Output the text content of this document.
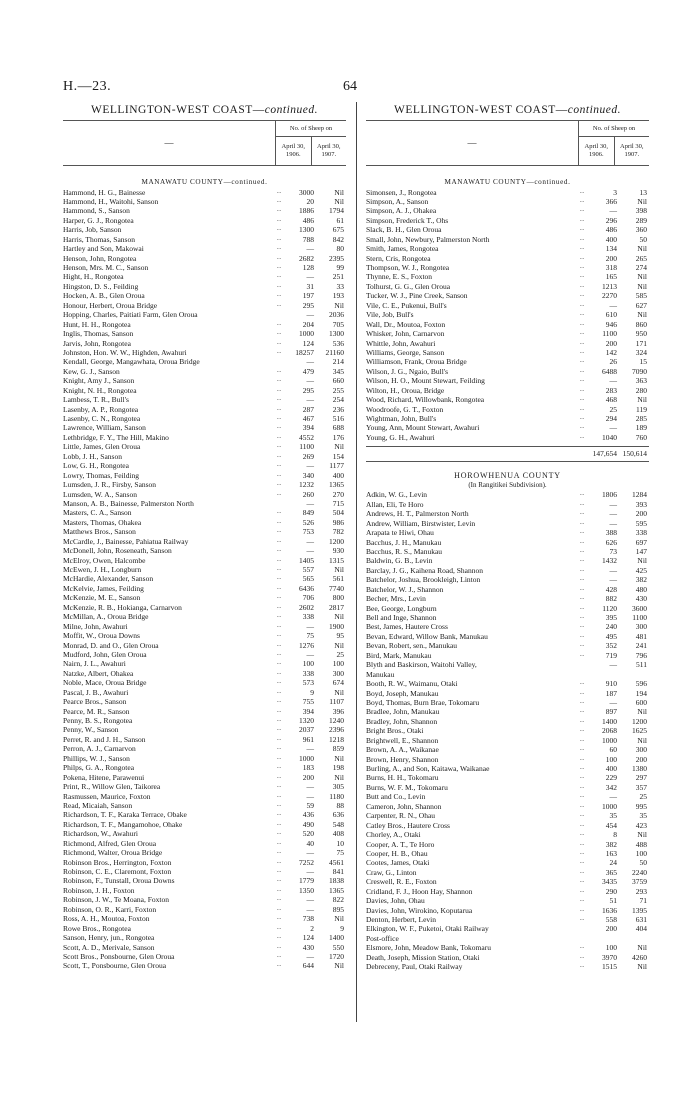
H.—23.	64
WELLINGTON-WEST COAST—continued.
—
No. of Sheep on
April 30, 1906.
April 30, 1907.
MANAWATU COUNTY—continued.
Hammond, H. G., Bainesse	...	3000	Nil
Hammond, H., Waitohi, Sanson	...	20	Nil
Hammond, S., Sanson	...	1886	1794
Harper, G. J., Rongotea	...	486	61
Harris, Job, Sanson	...	1300	675
Harris, Thomas, Sanson	...	788	842
Hartley and Son, Makowai	...	—	80
Henson, John, Rongotea	...	2682	2395
Henson, Mrs. M. C., Sanson	...	128	99
Hight, H., Rongotea	...	—	251
Hingston, D. S., Feilding	...	31	33
Hocken, A. B., Glen Oroua	...	197	193
Honour, Herbert, Oroua Bridge	...	295	Nil
Hopping, Charles, Paitiati Farm, Glen Oroua	—	2036
Hunt, H. H., Rongotea	...	204	705
Inglis, Thomas, Sanson	...	1000	1300
Jarvis, John, Rongotea	...	124	536
Johnston, Hon. W. W., Highden, Awahuri	...	18257	21160
Kendall, George, Mangawhata, Oroua Bridge	—	214
Kew, G. J., Sanson	...	479	345
Knight, Amy J., Sanson	...	—	660
Knight, N. H., Rongotea	...	295	255
Lambess, T. R., Bull's	...	—	254
Lasenby, A. P., Rongotea	...	287	236
Lasenby, C. N., Rongotea	...	467	516
Lawrence, William, Sanson	...	394	688
Lethbridge, F. Y., The Hill, Makino	...	4552	176
Little, James, Glen Oroua	...	1100	Nil
Lobb, J. H., Sanson	...	269	154
Low, G. H., Rongotea	...	—	1177
Lowry, Thomas, Feilding	...	340	400
Lumsden, J. R., Firsby, Sanson	...	1232	1365
Lumsden, W. A., Sanson	...	260	270
Manson, A. B., Bainesse, Palmerston North	—	715
Masters, C. A., Sanson	...	849	504
Masters, Thomas, Ohakea	...	526	986
Matthews Bros., Sanson	...	753	782
McCardle, J., Bainesse, Pahiatua Railway	...	—	1200
McDonell, John, Roseneath, Sanson	...	—	930
McElroy, Owen, Halcombe	...	1405	1315
McEwen, J. H., Longburn	...	557	Nil
McHardie, Alexander, Sanson	...	565	561
McKelvie, James, Feilding	...	6436	7740
McKenzie, M. E., Sanson	...	706	800
McKenzie, R. B., Hokianga, Carnarvon	...	2602	2817
McMillan, A., Oroua Bridge	...	338	Nil
Milne, John, Awahuri	...	—	1900
Moffit, W., Oroua Downs	...	75	95
Monrad, D. and O., Glen Oroua	...	1276	Nil
Mudford, John, Glen Oroua	...	—	25
Nairn, J. L., Awahuri	...	100	100
Natzke, Albert, Ohakea	...	338	300
Noble, Mace, Oroua Bridge	...	573	674
Pascal, J. B., Awahuri	...	9	Nil
Pearce Bros., Sanson	...	755	1107
Pearce, M. R., Sanson	...	394	396
Penny, B. S., Rongotea	...	1320	1240
Penny, W., Sanson	...	2037	2396
Perret, R. and J. H., Sanson	...	961	1218
Perron, A. J., Carnarvon	...	—	859
Phillips, W. J., Sanson	...	1000	Nil
Philps, G. A., Rongotea	...	183	198
Pokena, Hitene, Parawenui	...	200	Nil
Print, R., Willow Glen, Taikorea	...	—	305
Rasmussen, Maurice, Foxton	...	—	1180
Read, Micaiah, Sanson	...	59	88
Richardson, T. F., Karaka Terrace, Obake	...	436	636
Richardson, T. F., Mangamohoe, Ohake	...	490	548
Richardson, W., Awahuri	...	520	408
Richmond, Alfred, Glen Oroua	...	40	10
Richmond, Walter, Oroua Bridge	...	—	75
Robinson Bros., Herrington, Foxton	...	7252	4561
Robinson, C. E., Claremont, Foxton	...	—	841
Robinson, F., Tunstall, Oroua Downs	...	1779	1838
Robinson, J. H., Foxton	...	1350	1365
Robinson, J. W., Te Moana, Foxton	...	—	822
Robinson, O. R., Karri, Foxton	...	—	895
Ross, A. H., Moutoa, Foxton	...	738	Nil
Rowe Bros., Rongotea	...	2	9
Sanson, Henry, jun., Rongotea	...	124	1400
Scott, A. D., Merivale, Sanson	...	430	550
Scott Bros., Ponsbourne, Glen Oroua	...	—	1720
Scott, T., Ponsbourne, Glen Oroua	...	644	Nil
WELLINGTON-WEST COAST—continued.
—
No. of Sheep on
April 30, 1906.
April 30, 1907.
MANAWATU COUNTY—continued.
Simonsen, J., Rongotea	...	3	13
Simpson, A., Sanson	...	366	Nil
Simpson, A. J., Ohakea	...	—	398
Simpson, Frederick T., Ohs	...	296	289
Slack, B. H., Glen Oroua	...	486	360
Small, John, Newbury, Palmerston North	...	400	50
Smith, James, Rongotea	...	134	Nil
Stern, Cris, Rongotea	...	200	265
Thompson, W. J., Rongotea	...	318	274
Thynne, E. S., Foxton	...	165	Nil
Tolhurst, G. G., Glen Oroua	...	1213	Nil
Tucker, W. J., Pine Creek, Sanson	...	2270	585
Vile, C. E., Pukenui, Bull's	...	—	627
Vile, Job, Bull's	...	610	Nil
Wall, Dr., Moutoa, Foxton	...	946	860
Whisker, John, Carnarvon	...	1100	950
Whittle, John, Awahuri	...	200	171
Williams, George, Sanson	...	142	324
Williamson, Frank, Oroua Bridge	...	26	15
Wilson, J. G., Ngaio, Bull's	...	6488	7090
Wilson, H. O., Mount Stewart, Feilding	...	—	363
Wilton, H., Oroua, Bridge	...	283	280
Wood, Richard, Willowbank, Rongotea	...	468	Nil
Woodroofe, G. T., Foxton	...	25	119
Wightman, John, Bull's	...	294	285
Young, Ann, Mount Stewart, Awahuri	...	—	189
Young, G. H., Awahuri	...	1040	760
147,654 150,614
HOROWHENUA COUNTY
(In Rangitikei Subdivision).
Adkin, W. G., Levin	...	1806	1284
Allan, Eli, Te Horo	...	—	393
Andrews, H. T., Palmerston North	...	—	200
Andrew, William, Birstwister, Levin	...	—	595
Arapata te Hiwi, Ohau	...	388	338
Bacchus, J. H., Manukau	...	626	697
Bacchus, R. S., Manukau	...	73	147
Baldwin, G. B., Levin	...	1432	Nil
Barclay, J. G., Kaihena Road, Shannon	...	—	425
Batchelor, Joshua, Brookleigh, Linton	...	—	382
Batchelor, W. J., Shannon	...	428	480
Becher, Mrs., Levin	...	882	430
Bee, George, Longburn	...	1120	3600
Bell and Inge, Shannon	...	395	1100
Best, James, Hautere Cross	...	240	300
Bevan, Edward, Willow Bank, Manukau	...	495	481
Bevan, Robert, sen., Manukau	...	352	241
Bird, Mark, Manukau	...	719	796
Blyth and Baskirson, Waitohi Valley,	—	511
Manukau
Booth, R. W., Waimanu, Otaki	...	910	596
Boyd, Joseph, Manukau	...	187	194
Boyd, Thomas, Burn Brae, Tokomaru	...	—	600
Bradlee, John, Manukau	...	897	Nil
Bradley, John, Shannon	...	1400	1200
Bright Bros., Otaki	...	2068	1625
Brightwell, E., Shannon	...	1000	Nil
Brown, A. A., Waikanae	...	60	300
Brown, Henry, Shannon	...	100	200
Burling, A., and Son, Kaitawa, Waikanae	...	400	1380
Burns, H. H., Tokomaru	...	229	297
Burns, W. F. M., Tokomaru	...	342	357
Butt and Co., Levin	...	—	25
Cameron, John, Shannon	...	1000	995
Carpenter, R. N., Ohau	...	35	35
Catley Bros., Hautere Cross	...	454	423
Chorley, A., Otaki	...	8	Nil
Cooper, A. T., Te Horo	...	382	488
Cooper, H. B., Ohau	...	163	100
Cootes, James, Otaki	...	24	50
Craw, G., Linton	...	365	2240
Creswell, R. E., Foxton	...	3435	3759
Cridland, F. J., Hoon Hay, Shannon	...	290	293
Davies, John, Ohau	...	51	71
Davies, John, Wirokino, Koputarua	...	1636	1395
Denton, Herbert, Levin	...	558	631
Elkington, W. F., Puketoi, Otaki Railway	200	404
Post-office
Elsmore, John, Meadow Bank, Tokomaru	...	100	Nil
Death, Joseph, Mission Station, Otaki	...	3970	4260
Debreceny, Paul, Otaki Railway	...	1515	Nil
